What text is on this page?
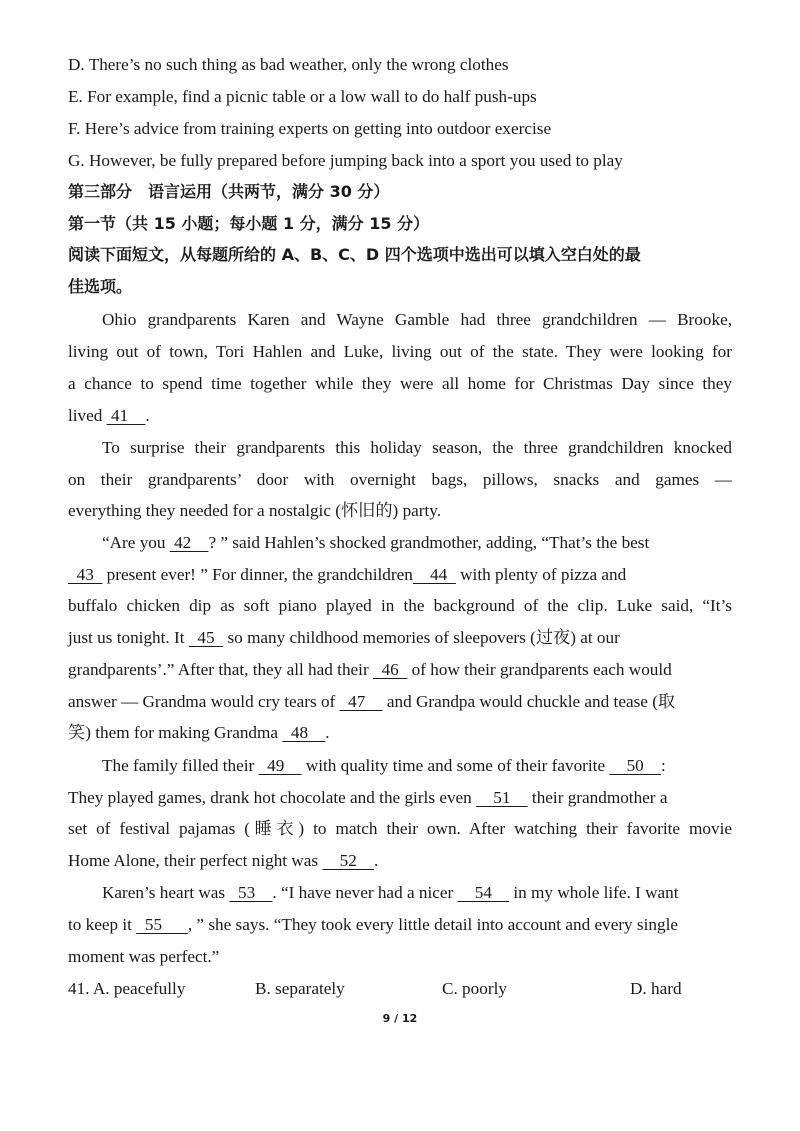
D. There’s no such thing as bad weather, only the wrong clothes
E. For example, find a picnic table or a low wall to do half push-ups
F. Here’s advice from training experts on getting into outdoor exercise
G. However, be fully prepared before jumping back into a sport you used to play
第三部分　语言运用（共两节，满分 30 分）
第一节（共 15 小题；每小题 1 分，满分 15 分）
阅读下面短文，从每题所给的 A、B、C、D 四个选项中选出可以填入空白处的最
佳选项。
Ohio grandparents Karen and Wayne Gamble had three grandchildren — Brooke,
living out of town, Tori Hahlen and Luke, living out of the state. They were looking for
a chance to spend time together while they were all home for Christmas Day since they
lived  41    .
To surprise their grandparents this holiday season, the three grandchildren knocked
on their grandparents’ door with overnight bags, pillows, snacks and games —
everything they needed for a nostalgic (怀旧的) party.
“Are you  42    ? ” said Hahlen’s shocked grandmother, adding, “That’s the best
43   present ever! ” For dinner, the grandchildren    44   with plenty of pizza and
buffalo chicken dip as soft piano played in the background of the clip. Luke said, “It’s
just us tonight. It   45   so many childhood memories of sleepovers (过夜) at our
grandparents’.” After that, they all had their   46   of how their grandparents each would
answer — Grandma would cry tears of   47     and Grandpa would chuckle and tease (取
笑) them for making Grandma   48    .
The family filled their   49     with quality time and some of their favorite     50    :
They played games, drank hot chocolate and the girls even     51     their grandmother a
set of festival pajamas (睡衣) to match their own. After watching their favorite movie
Home Alone, their perfect night was     52    .
Karen’s heart was   53    . “I have never had a nicer     54     in my whole life. I want
to keep it   55      , ” she says. “They took every little detail into account and every single
moment was perfect.”
41. A. peacefully	B. separately	C. poorly	D. hard
9 / 12
